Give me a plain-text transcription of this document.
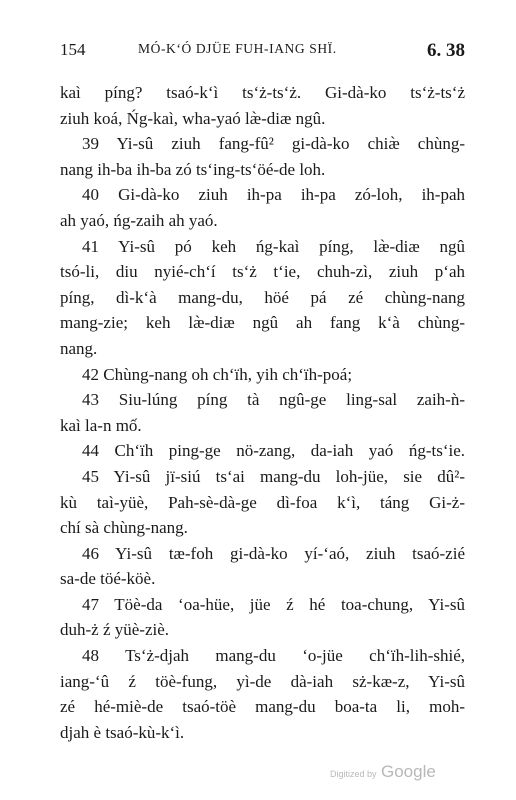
154	MÓ-KʻÓ DJÜE FUH-IANG SHÏ.	6. 38
kaì píng? tsaó-kʻì tsʻż-tsʻż. Gi-dà-ko tsʻż-tsʻż
ziuh koá, Ńg-kaì, wha-yaó læ̀-diæ ngû.
39 Yi-sû ziuh fang-fû² gi-dà-ko chiæ̀ chùng-
nang ih-ba ih-ba zó tsʻing-tsʻöé-de loh.
40 Gi-dà-ko ziuh ih-pa ih-pa zó-loh, ih-pah
ah yaó, ńg-zaih ah yaó.
41 Yi-sû pó keh ńg-kaì píng, læ̀-diæ ngû
tsó-li, diu nyié-chʻí tsʻż tʻie, chuh-zì, ziuh pʻah
píng, dì-kʻà mang-du, höé pá zé chùng-nang
mang-zie; keh læ̀-diæ ngû ah fang kʻà chùng-
nang.
42 Chùng-nang oh chʻïh, yih chʻïh-poá;
43 Siu-lúng píng tà ngû-ge ling-sal zaih-ǹ-
kaì la-n mố.
44 Chʻïh ping-ge nö-zang, da-iah yaó ńg-tsʻie.
45 Yi-sû jï-siú tsʻai mang-du loh-jüe, sie dû²-
kù taì-yüè, Pah-sè-dà-ge dì-foa kʻì, táng Gi-ż-
chí sà chùng-nang.
46 Yi-sû tæ-foh gi-dà-ko yí-ʻaó, ziuh tsaó-zié
sa-de töé-köè.
47 Töè-da ʻoa-hüe, jüe ź hé toa-chung, Yi-sû
duh-ż ź yüè-ziè.
48 Tsʻż-djah mang-du ʻo-jüe chʻïh-lih-shié,
iang-ʻû ź töè-fung, yì-de dà-iah sż-kæ-z, Yi-sû
zé hé-miè-de tsaó-töè mang-du boa-ta li, moh-
djah è tsaó-kù-kʻì.
Digitized by Google
